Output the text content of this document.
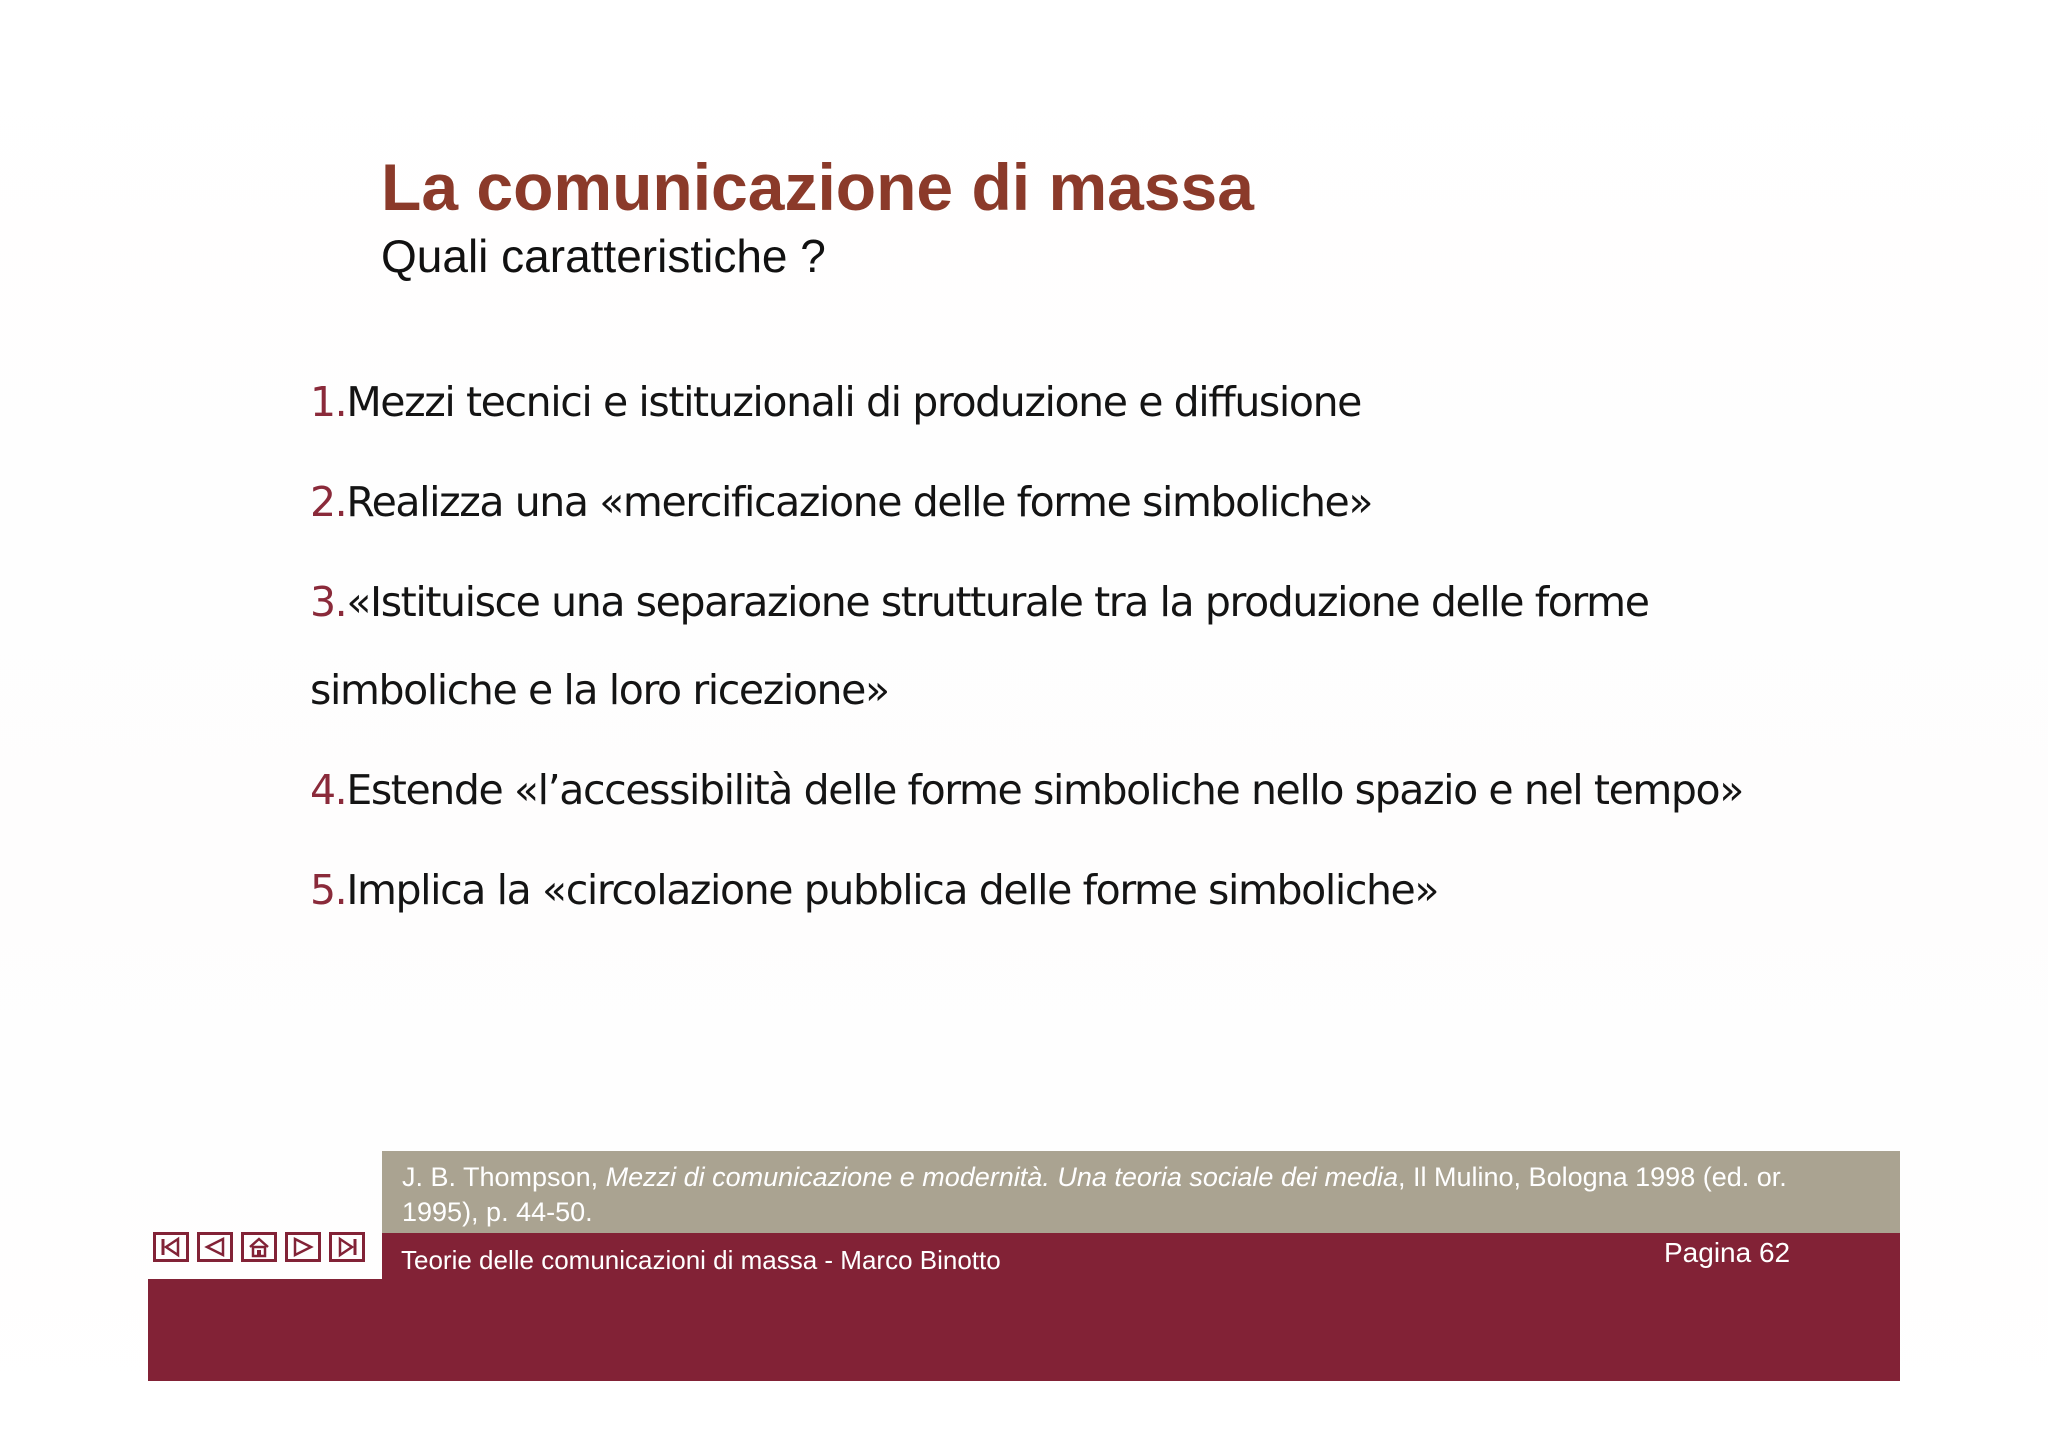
La comunicazione di massa
Quali caratteristiche ?
1.Mezzi tecnici e istituzionali di produzione e diffusione
2.Realizza una «mercificazione delle forme simboliche»
3.«Istituisce una separazione strutturale tra la produzione delle forme
simboliche e la loro ricezione»
4.Estende «l’accessibilità delle forme simboliche nello spazio e nel tempo»
5.Implica la «circolazione pubblica delle forme simboliche»
J. B. Thompson, Mezzi di comunicazione e modernità. Una teoria sociale dei media, Il Mulino, Bologna 1998 (ed. or. 1995), p. 44-50.
Teorie delle comunicazioni di massa - Marco Binotto	Pagina 62
